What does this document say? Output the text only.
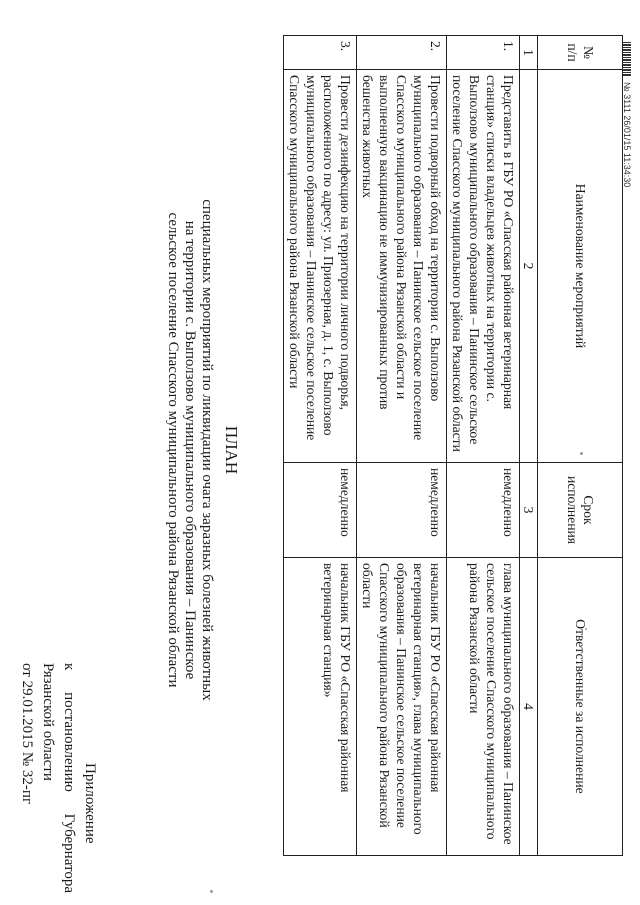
Приложение
к
постановлению
Губернатора
Рязанской области
от 29.01.2015 № 32-пг
ПЛАН
специальных мероприятий по ликвидации очага заразных болезней животных
на территории с. Выползово муниципального образования – Панинское
сельское поселение Спасского муниципального района Рязанской области
№ п/п	Наименование мероприятий	Срок исполнения	Ответственные за исполнение
1	2	3	4
1.	Представить в ГБУ РО «Спасская районная ветеринарная станция» списки владельцев животных на территории с. Выползово муниципального образования – Панинское сельское поселение Спасского муниципального района Рязанской области	немедленно	глава муниципального образования – Панинское сельское поселение Спасского муниципального района Рязанской области
2.	Провести подворный обход на территории с. Выползово муниципального образования – Панинское сельское поселение Спасского муниципального района Рязанской области и выполненную вакцинацию не иммунизированных против бешенства животных	немедленно	начальник ГБУ РО «Спасская районная ветеринарная станция», глава муниципального образования – Панинское сельское поселение Спасского муниципального района Рязанской области
3.	Провести дезинфекцию на территории личного подворья, расположенного по адресу: ул. Приозерная, д. 1, с. Выползово муниципального образования – Панинское сельское поселение Спасского муниципального района Рязанской области	немедленно	начальник ГБУ РО «Спасская районная ветеринарная станция»
№ 3111 26/01/15 11:34:30
